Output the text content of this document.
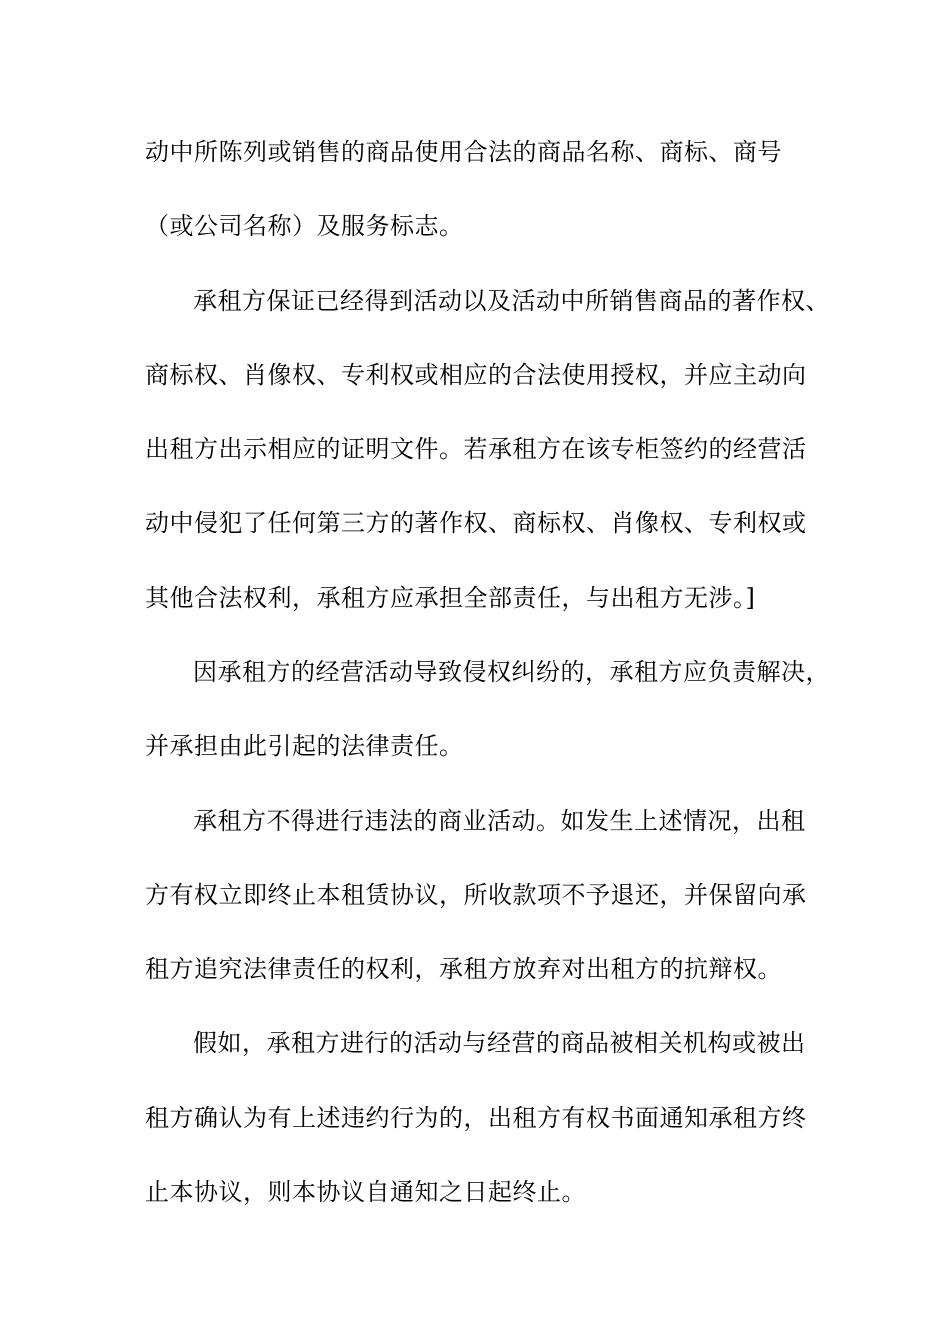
动中所陈列或销售的商品使用合法的商品名称、商标、商号
（或公司名称）及服务标志。
承租方保证已经得到活动以及活动中所销售商品的著作权、
商标权、肖像权、专利权或相应的合法使用授权，并应主动向
出租方出示相应的证明文件。若承租方在该专柜签约的经营活
动中侵犯了任何第三方的著作权、商标权、肖像权、专利权或
其他合法权利，承租方应承担全部责任，与出租方无涉。]
因承租方的经营活动导致侵权纠纷的，承租方应负责解决，
并承担由此引起的法律责任。
承租方不得进行违法的商业活动。如发生上述情况，出租
方有权立即终止本租赁协议，所收款项不予退还，并保留向承
租方追究法律责任的权利，承租方放弃对出租方的抗辩权。
假如，承租方进行的活动与经营的商品被相关机构或被出
租方确认为有上述违约行为的，出租方有权书面通知承租方终
止本协议，则本协议自通知之日起终止。
